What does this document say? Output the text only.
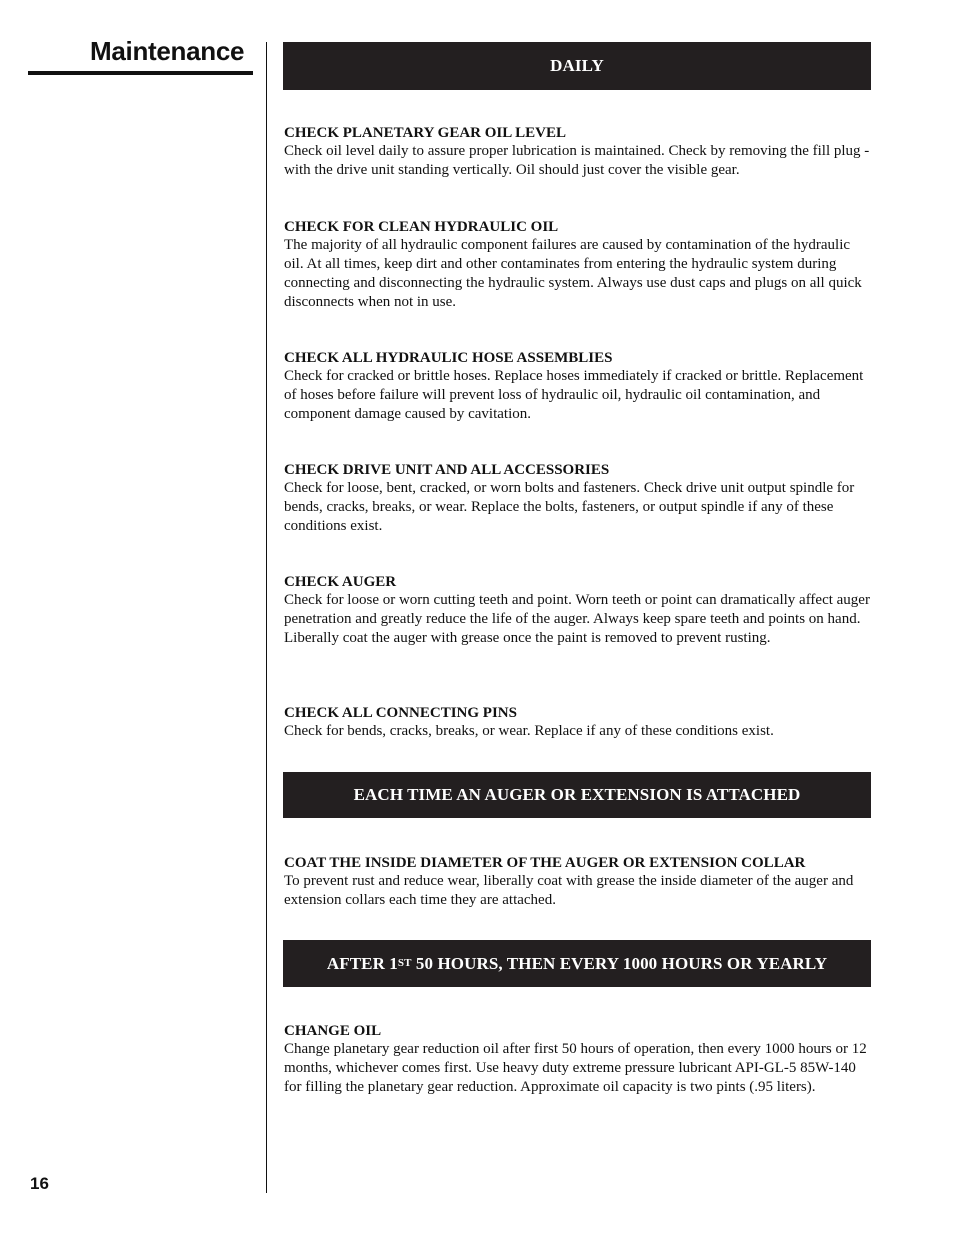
Maintenance	DAILY
CHECK PLANETARY GEAR OIL LEVEL

Check oil level daily to assure proper lubrication is maintained. Check by removing the fill plug - with the drive unit standing vertically. Oil should just cover the visible gear.

CHECK FOR CLEAN HYDRAULIC OIL

The majority of all hydraulic component failures are caused by contamination of the hydraulic oil. At all times, keep dirt and other contaminates from entering the hydraulic system during connecting and disconnecting the hydraulic system. Always use dust caps and plugs on all quick disconnects when not in use.

CHECK ALL HYDRAULIC HOSE ASSEMBLIES

Check for cracked or brittle hoses. Replace hoses immediately if cracked or brittle. Replacement of hoses before failure will prevent loss of hydraulic oil, hydraulic oil contamination, and component damage caused by cavitation.

CHECK DRIVE UNIT AND ALL ACCESSORIES

Check for loose, bent, cracked, or worn bolts and fasteners. Check drive unit output spindle for bends, cracks, breaks, or wear. Replace the bolts, fasteners, or output spindle if any of these conditions exist.

CHECK AUGER

Check for loose or worn cutting teeth and point. Worn teeth or point can dramatically affect auger penetration and greatly reduce the life of the auger. Always keep spare teeth and points on hand. Liberally coat the auger with grease once the paint is removed to prevent rusting.

CHECK ALL CONNECTING PINS

Check for bends, cracks, breaks, or wear. Replace if any of these conditions exist.

EACH TIME AN AUGER OR EXTENSION IS ATTACHED
COAT THE INSIDE DIAMETER OF THE AUGER OR EXTENSION COLLAR

To prevent rust and reduce wear, liberally coat with grease the inside diameter of the auger and extension collars each time they are attached.

AFTER 1ST 50 HOURS, THEN EVERY 1000 HOURS OR YEARLY
CHANGE OIL

Change planetary gear reduction oil after first 50 hours of operation, then every 1000 hours or 12 months, whichever comes first. Use heavy duty extreme pressure lubricant API-GL-5 85W-140 for filling the planetary gear reduction. Approximate oil capacity is two pints (.95 liters).

16
